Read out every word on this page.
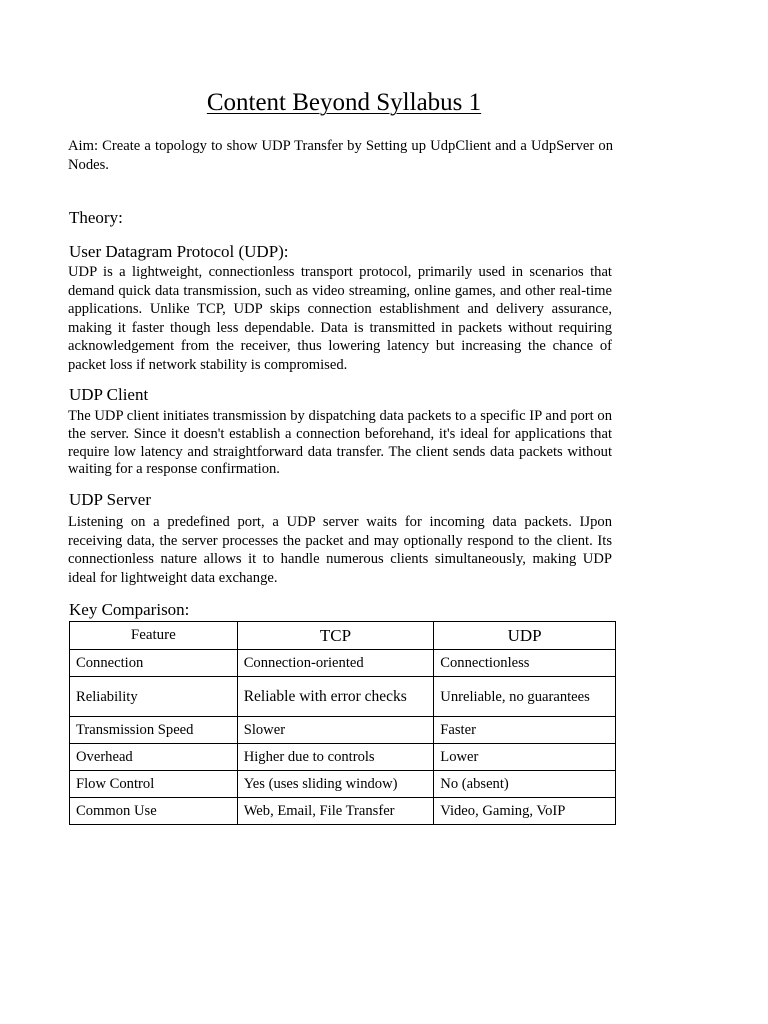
Content Beyond Syllabus 1

Aim: Create a topology to show UDP Transfer by Setting up UdpClient and a UdpServer on Nodes.

Theory:
User Datagram Protocol (UDP):

UDP is a lightweight, connectionless transport protocol, primarily used in scenarios that demand quick data transmission, such as video streaming, online games, and other real-time applications. Unlike TCP, UDP skips connection establishment and delivery assurance, making it faster though less dependable. Data is transmitted in packets without requiring acknowledgement from the receiver, thus lowering latency but increasing the chance of packet loss if network stability is compromised.

UDP Client

The UDP client initiates transmission by dispatching data packets to a specific IP and port on the server. Since it doesn't establish a connection beforehand, it's ideal for applications that require low latency and straightforward data transfer. The client sends data packets without waiting for a response confirmation.

UDP Server

Listening on a predefined port, a UDP server waits for incoming data packets. IJpon receiving data, the server processes the packet and may optionally respond to the client. Its connectionless nature allows it to handle numerous clients simultaneously, making UDP ideal for lightweight data exchange.

Key Comparison:
Feature	TCP	UDP
Connection	Connection-oriented	Connectionless
Reliability	Reliable with error checks	Unreliable, no guarantees
Transmission Speed	Slower	Faster
Overhead	Higher due to controls	Lower
Flow Control	Yes (uses sliding window)	No (absent)
Common Use	Web, Email, File Transfer	Video, Gaming, VoIP
